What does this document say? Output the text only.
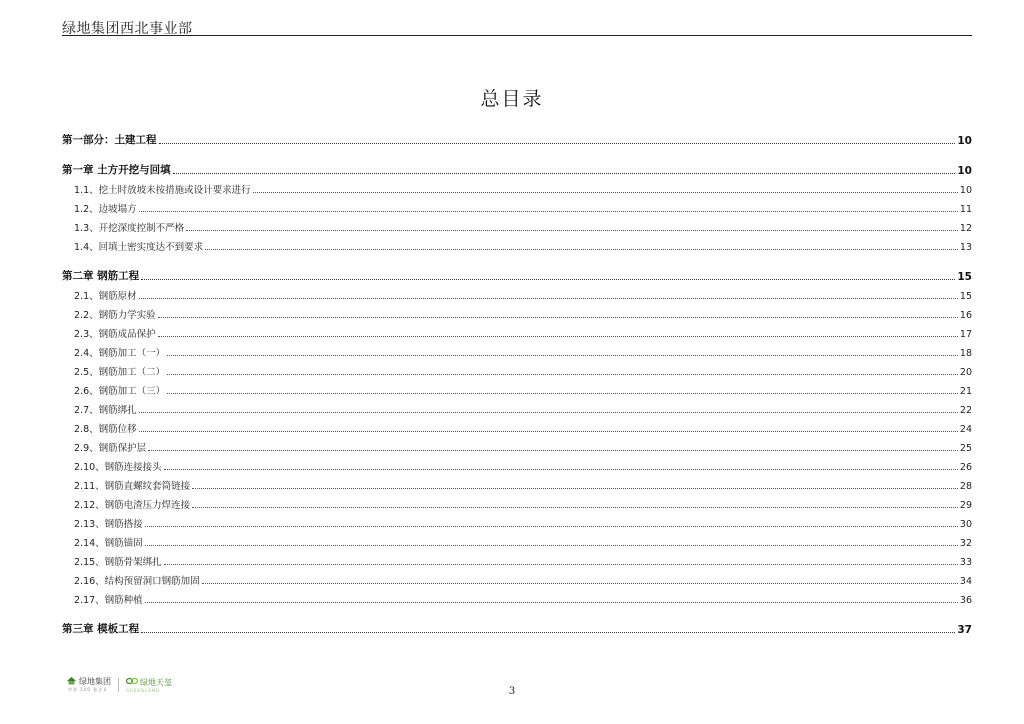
绿地集团西北事业部
总目录
第一部分：土建工程	10
第一章 土方开挖与回填	10
1.1、挖土时放坡未按措施或设计要求进行	10
1.2、边坡塌方	11
1.3、开挖深度控制不严格	12
1.4、回填土密实度达不到要求	13
第二章 钢筋工程	15
2.1、钢筋原材	15
2.2、钢筋力学实验	16
2.3、钢筋成品保护	17
2.4、钢筋加工（一）	18
2.5、钢筋加工（二）	20
2.6、钢筋加工（三）	21
2.7、钢筋绑扎	22
2.8、钢筋位移	24
2.9、钢筋保护层	25
2.10、钢筋连接接头	26
2.11、钢筋直螺纹套筒链接	28
2.12、钢筋电渣压力焊连接	29
2.13、钢筋搭接	30
2.14、钢筋锚固	32
2.15、钢筋骨架绑扎	33
2.16、结构预留洞口钢筋加固	34
2.17、钢筋种植	36
第三章 模板工程	37
绿地集团
世界 500 强企业
绿地天玺
GREENLAND	3
